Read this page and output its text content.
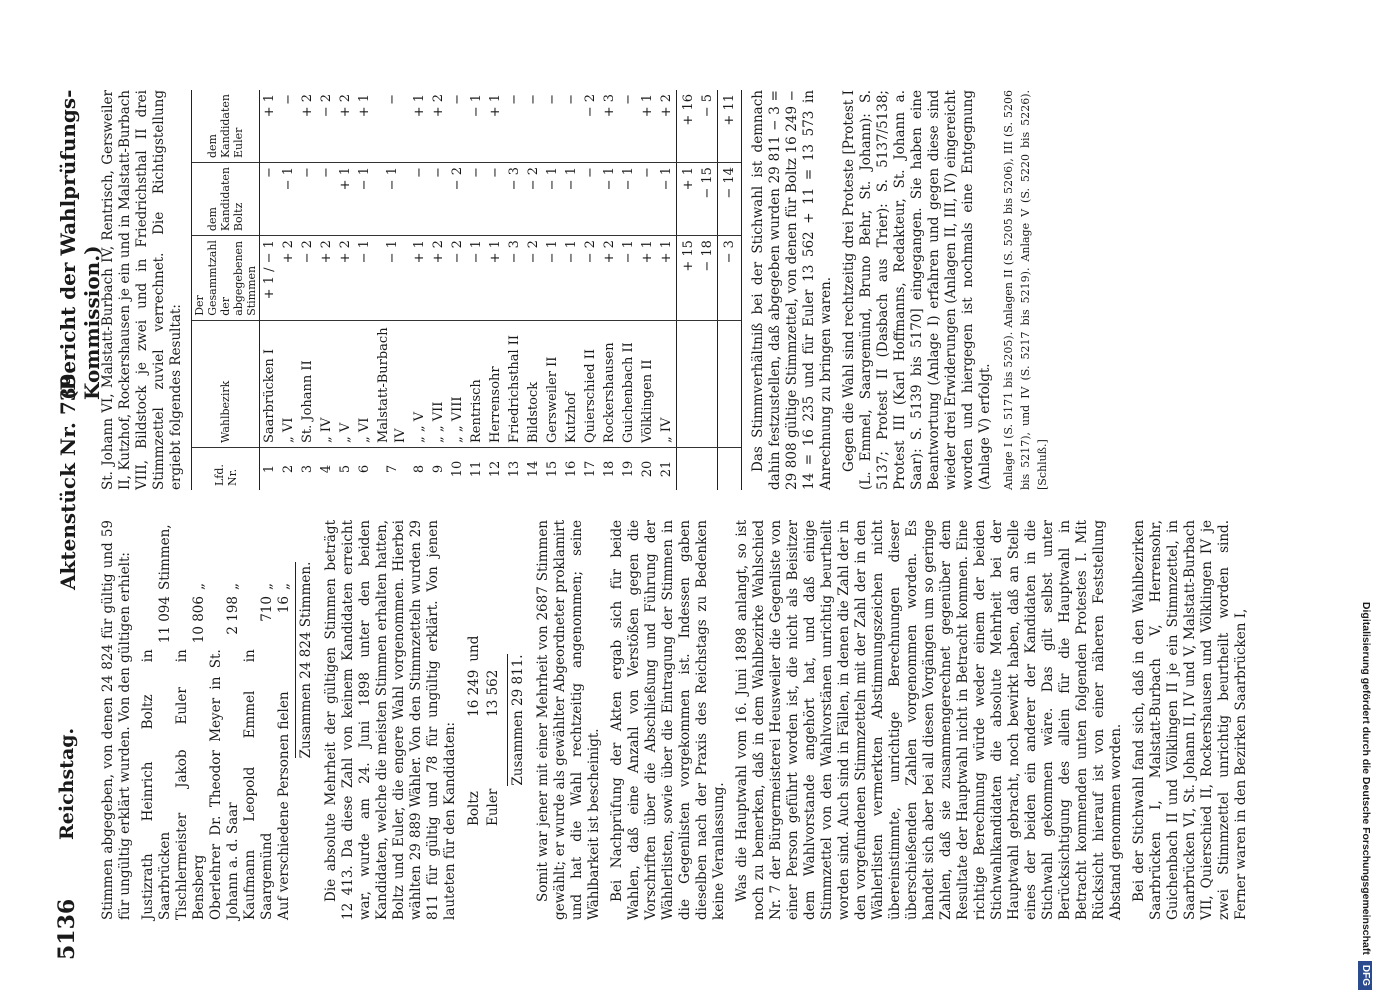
5136
Reichstag.
Aktenstück Nr. 739.
(Bericht der Wahlprüfungs-Kommission.)

Stimmen abgegeben, von denen 24 824 für gültig und 59 für ungültig erklärt wurden. Von den gültigen erhielt: Justizrath Heinrich Boltz in Saarbrücken	11 094	Stimmen,
Tischlermeister Jakob Euler in Bensberg	10 806	„
Oberlehrer Dr. Theodor Meyer in St. Johann a. d. Saar	2 198	„
Kaufmann Leopold Emmel in Saargemünd	710	„
Auf verschiedene Personen fielen	16	„
Zusammen 24 824 Stimmen. Die absolute Mehrheit der gültigen Stimmen beträgt 12 413. Da diese Zahl von keinem Kandidaten erreicht war, wurde am 24. Juni 1898 unter den beiden Kandidaten, welche die meisten Stimmen erhalten hatten, Boltz und Euler, die engere Wahl vorgenommen. Hierbei wählten 29 889 Wähler. Von den Stimmzetteln wurden 29 811 für gültig und 78 für ungültig erklärt. Von jenen lauteten für den Kandidaten: Boltz	16 249	und
Euler	13 562	
Zusammen 29 811. Somit war jener mit einer Mehrheit von 2687 Stimmen gewählt; er wurde als gewählter Abgeordneter proklamirt und hat die Wahl rechtzeitig angenommen; seine Wählbarkeit ist bescheinigt. Bei Nachprüfung der Akten ergab sich für beide Wahlen, daß eine Anzahl von Verstößen gegen die Vorschriften über die Abschließung und Führung der Wählerlisten, sowie über die Eintragung der Stimmen in die Gegenlisten vorgekommen ist. Indessen gaben dieselben nach der Praxis des Reichstags zu Bedenken keine Veranlassung. Was die Hauptwahl vom 16. Juni 1898 anlangt, so ist noch zu bemerken, daß in dem Wahlbezirke Wahlschied Nr. 7 der Bürgermeisterei Heusweiler die Gegenliste von einer Person geführt worden ist, die nicht als Beisitzer dem Wahlvorstande angehört hat, und daß einige Stimmzettel von den Wahlvorstänen unrichtig beurtheilt worden sind. Auch sind in Fällen, in denen die Zahl der in den vorgefundenen Stimmzetteln mit der Zahl der in den Wählerlisten vermerkten Abstimmungszeichen nicht übereinstimmte, unrichtige Berechnungen dieser überschießenden Zahlen vorgenommen worden. Es handelt sich aber bei all diesen Vorgängen um so geringe Zahlen, daß sie zusammengerechnet gegenüber dem Resultate der Hauptwahl nicht in Betracht kommen. Eine richtige Berechnung würde weder einem der beiden Stichwahlkandidaten die absolute Mehrheit bei der Hauptwahl gebracht, noch bewirkt haben, daß an Stelle eines der beiden ein anderer der Kandidaten in die Stichwahl gekommen wäre. Das gilt selbst unter Berücksichtigung des allein für die Hauptwahl in Betracht kommenden unten folgenden Protestes I. Mit Rücksicht hierauf ist von einer näheren Feststellung Abstand genommen worden. Bei der Stichwahl fand sich, daß in den Wahlbezirken Saarbrücken I, Malstatt-Burbach V, Herrensohr, Guichenbach II und Völklingen II je ein Stimmzettel, in Saarbrücken VI, St. Johann II, IV und V, Malstatt-Burbach VII, Quierschied II, Rockershausen und Völklingen IV je zwei Stimmzettel unrichtig beurtheilt worden sind. Ferner waren in den Bezirken Saarbrücken I,

St. Johann VI, Malstatt-Burbach IV, Rentrisch, Gersweiler II, Kutzhof, Rockershausen je ein und in Malstatt-Burbach VIII, Bildstock je zwei und in Friedrichsthal II drei Stimmzettel zuviel verrechnet. Die Richtigstellung ergiebt folgendes Resultat:	Lfd. Nr.	Wahlbezirk	Der Gesammtzahl der abgegebenen Stimmen	dem Kandidaten Boltz	dem Kandidaten Euler
1	Saarbrücken I	+ 1 / − 1	−	+ 1
2	„ VI	+ 2	− 1	−
3	St. Johann II	− 2	−	+ 2
4	„ IV	+ 2	−	− 2
5	„ V	+ 2	+ 1	+ 2
6	„ VI	− 1	− 1	+ 1
7	Malstatt-Burbach IV	− 1	− 1	−
8	„ „ V	+ 1	−	+ 1
9	„ „ VII	+ 2	−	+ 2
10	„ „ VIII	− 2	− 2	−
11	Rentrisch	− 1	−	− 1
12	Herrensohr	+ 1	−	+ 1
13	Friedrichsthal II	− 3	− 3	−
14	Bildstock	− 2	− 2	−
15	Gersweiler II	− 1	− 1	−
16	Kutzhof	− 1	− 1	−
17	Quierschied II	− 2	−	− 2
18	Rockershausen	+ 2	− 1	+ 3
19	Guichenbach II	− 1	− 1	−
20	Völklingen II	+ 1	−	+ 1
21	„ IV	+ 1	− 1	+ 2
		+ 15	+ 1	+ 16
		− 18	− 15	− 5
		− 3	− 14	+ 11 Das Stimmverhältniß bei der Stichwahl ist demnach dahin festzustellen, daß abgegeben wurden 29 811 − 3 = 29 808 gültige Stimmzettel, von denen für Boltz 16 249 − 14 = 16 235 und für Euler 13 562 + 11 = 13 573 in Anrechnung zu bringen waren. Gegen die Wahl sind rechtzeitig drei Proteste [Protest I (L. Emmel, Saargemünd, Bruno Behr, St. Johann): S. 5137; Protest II (Dasbach aus Trier): S. 5137/5138; Protest III (Karl Hoffmanns, Redakteur, St. Johann a. Saar): S. 5139 bis 5170] eingegangen. Sie haben eine Beantwortung (Anlage I) erfahren und gegen diese sind wieder drei Erwiderungen (Anlagen II, III, IV) eingereicht worden und hiergegen ist nochmals eine Entgegnung (Anlage V) erfolgt. Anlage I (S. 5171 bis 5205). Anlagen II (S. 5205 bis 5206), III (S. 5206 bis 5217), und IV (S. 5217 bis 5219). Anlage V (S. 5220 bis 5226). [Schluß.]

Digitalisierung gefördert durch die Deutsche ForschungsgemeinschaftDFG
